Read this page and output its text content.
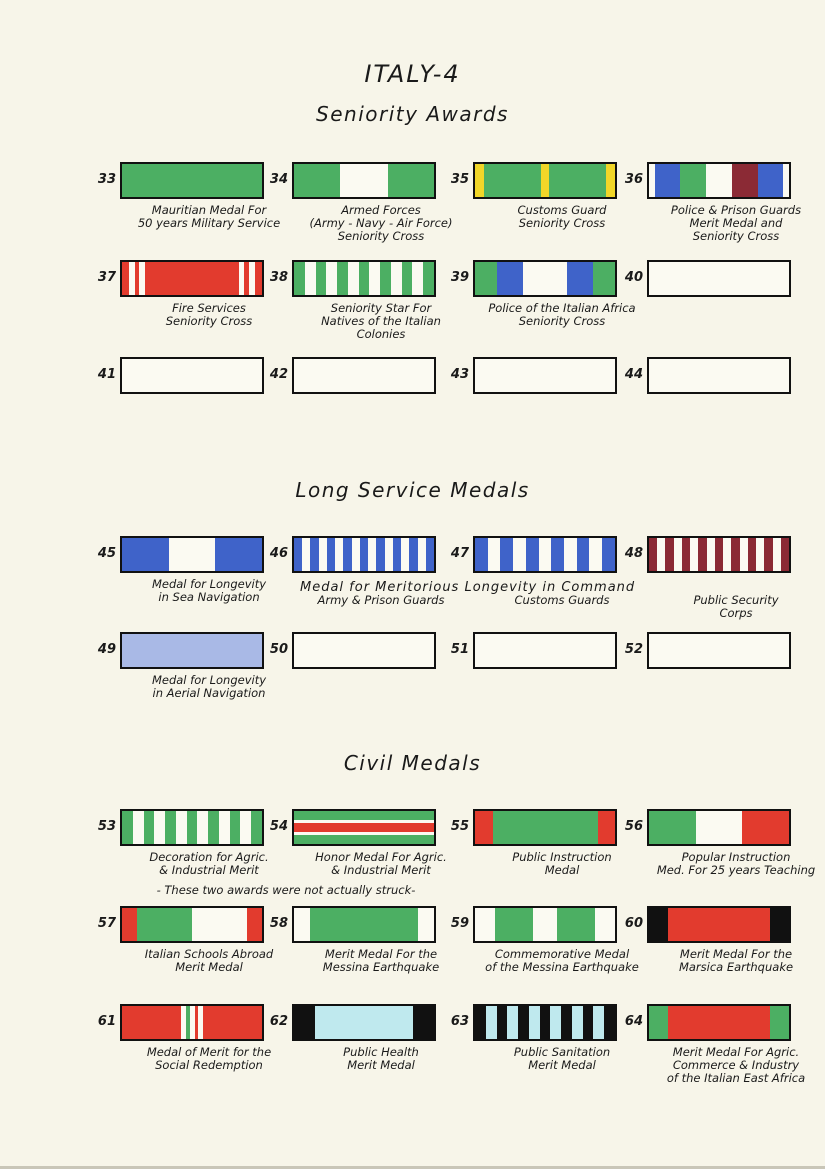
ITALY-4
Seniority Awards
Long Service Medals
Civil Medals
Medal for Meritorious Longevity in Command
- These two awards were not actually struck-
33
Mauritian Medal For
50 years Military Service
34
Armed Forces
(Army - Navy - Air Force)
Seniority Cross
35
Customs Guard
Seniority Cross
36
Police & Prison Guards
Merit Medal and
Seniority Cross
37
Fire Services
Seniority Cross
38
Seniority Star For
Natives of the Italian
Colonies
39
Police of the Italian Africa
Seniority Cross
40
41	42	43	44
45
Medal for Longevity
in Sea Navigation
46
Army & Prison Guards
47
Customs Guards
48
Public Security
Corps
49
Medal for Longevity
in Aerial Navigation
50	51	52
53
Decoration for Agric.
& Industrial Merit
54
Honor Medal For Agric.
& Industrial Merit
55
Public Instruction
Medal
56
Popular Instruction
Med. For 25 years Teaching
57
Italian Schools Abroad
Merit Medal
58
Merit Medal For the
Messina Earthquake
59
Commemorative Medal
of the Messina Earthquake
60
Merit Medal For the
Marsica Earthquake
61
Medal of Merit for the
Social Redemption
62
Public Health
Merit Medal
63
Public Sanitation
Merit Medal
64
Merit Medal For Agric.
Commerce & Industry
of the Italian East Africa
